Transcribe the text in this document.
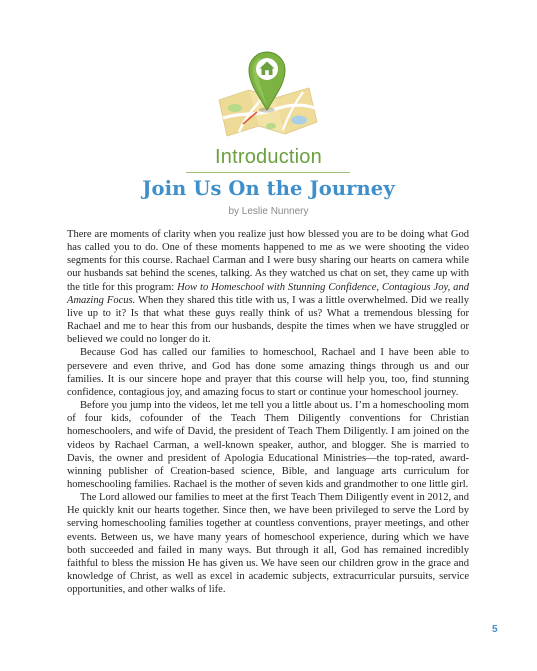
Introduction
Join Us On the Journey
by Leslie Nunnery

There are moments of clarity when you realize just how blessed you are to be doing what God has called you to do. One of these moments happened to me as we were shooting the video segments for this course. Rachael Carman and I were busy sharing our hearts on camera while our husbands sat behind the scenes, talking. As they watched us chat on set, they came up with the title for this program: How to Homeschool with Stunning Confidence, Contagious Joy, and Amazing Focus. When they shared this title with us, I was a little overwhelmed. Did we really live up to it? Is that what these guys really think of us? What a tremendous blessing for Rachael and me to hear this from our husbands, despite the times when we have struggled or believed we could no longer do it.

Because God has called our families to homeschool, Rachael and I have been able to persevere and even thrive, and God has done some amazing things through us and our families. It is our sincere hope and prayer that this course will help you, too, find stunning confidence, contagious joy, and amazing focus to start or continue your homeschool journey.

Before you jump into the videos, let me tell you a little about us. I’m a homeschooling mom of four kids, cofounder of the Teach Them Diligently conventions for Christian homeschoolers, and wife of David, the president of Teach Them Diligently. I am joined on the videos by Rachael Carman, a well-known speaker, author, and blogger. She is married to Davis, the owner and president of Apologia Educational Ministries—the top-rated, award-winning publisher of Creation-based science, Bible, and language arts curriculum for homeschooling families. Rachael is the mother of seven kids and grandmother to one little girl.

The Lord allowed our families to meet at the first Teach Them Diligently event in 2012, and He quickly knit our hearts together. Since then, we have been privileged to serve the Lord by serving homeschooling families together at countless conventions, prayer meetings, and other events. Between us, we have many years of homeschool experience, during which we have both succeeded and failed in many ways. But through it all, God has remained incredibly faithful to bless the mission He has given us. We have seen our children grow in the grace and knowledge of Christ, as well as excel in academic subjects, extracurricular pursuits, service opportunities, and other walks of life.

5
